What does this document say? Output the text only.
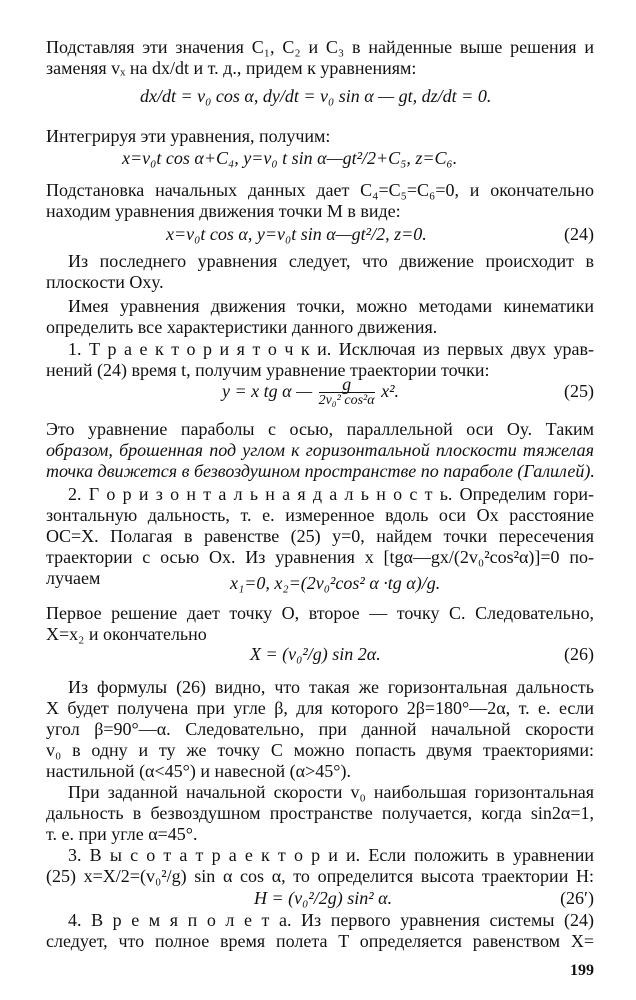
Подставляя эти значения C₁, C₂ и C₃ в найденные выше решения и
заменяя vₓ на dx/dt и т. д., придем к уравнениям:
dx/dt = v₀ cos α, dy/dt = v₀ sin α — gt, dz/dt = 0.
Интегрируя эти уравнения, получим:
x=v₀t cos α+C₄, y=v₀ t sin α—gt²/2+C₅, z=C₆.
Подстановка начальных данных дает C₄=C₅=C₆=0, и окончательно
находим уравнения движения точки M в виде:
x=v₀t cos α, y=v₀t sin α—gt²/2, z=0.	(24)
Из последнего уравнения следует, что движение происходит в
плоскости Oxy.
Имея уравнения движения точки, можно методами кинематики
определить все характеристики данного движения.
1. Т р а е к т о р и я т о ч к и. Исключая из первых двух урав-
нений (24) время t, получим уравнение траектории точки:
y = x tg α — $\frac{g}{\text{2v₀² cos²α}} x^2$.	(25)
Это уравнение параболы с осью, параллельной оси Oy. Таким
образом, брошенная под углом к горизонтальной плоскости тяжелая
точка движется в безвоздушном пространстве по параболе (Галилей).
2. Г о р и з о н т а л ь н а я д а л ь н о с т ь. Определим гори-
зонтальную дальность, т. е. измеренное вдоль оси Ox расстояние
OC=X. Полагая в равенстве (25) y=0, найдем точки пересечения
траектории с осью Ox. Из уравнения x [tgα—gx/(2v₀²cos²α)]=0 по-
лучаем	x₁=0, x₂=(2v₀²cos² α ·tg α)/g.
Первое решение дает точку O, второе — точку C. Следовательно,
X=x₂ и окончательно
X = (v₀²/g) sin 2α.	(26)
Из формулы (26) видно, что такая же горизонтальная дальность
X будет получена при угле β, для которого 2β=180°—2α, т. е. если
угол β=90°—α. Следовательно, при данной начальной скорости
v₀ в одну и ту же точку C можно попасть двумя траекториями:
настильной (α<45°) и навесной (α>45°).
При заданной начальной скорости v₀ наибольшая горизонтальная
дальность в безвоздушном пространстве получается, когда sin2α=1,
т. е. при угле α=45°.
3. В ы с о т а т р а е к т о р и и. Если положить в уравнении
(25) x=X/2=(v₀²/g) sin α cos α, то определится высота траектории H:
H = (v₀²/2g) sin² α.	(26′)
4. В р е м я п о л е т а. Из первого уравнения системы (24)
следует, что полное время полета T определяется равенством X=
199
